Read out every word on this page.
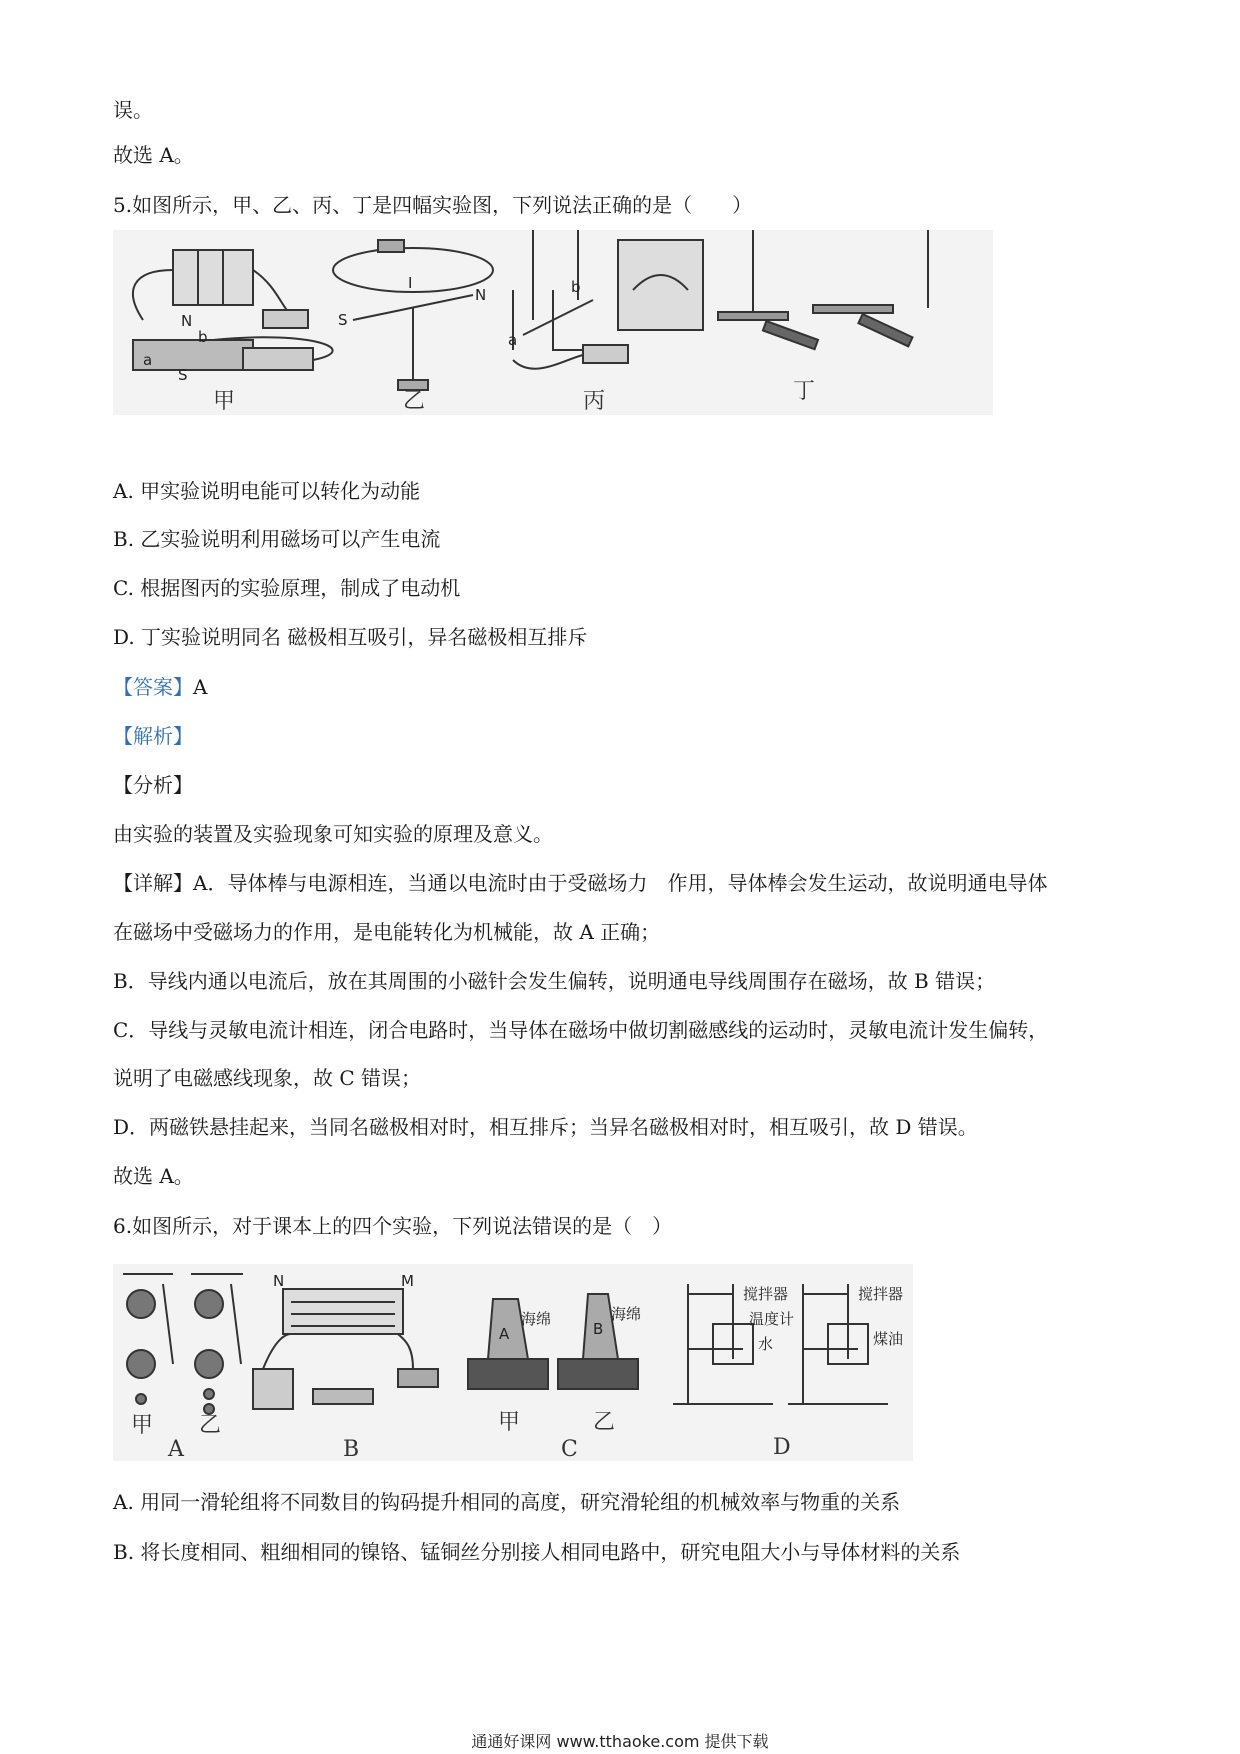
误。
故选 A。
5.如图所示，甲、乙、丙、丁是四幅实验图，下列说法正确的是（　　）
N
b
a
S
I
N
S
b
a
甲	乙	丙	丁
A. 甲实验说明电能可以转化为动能
B. 乙实验说明利用磁场可以产生电流
C. 根据图丙的实验原理，制成了电动机
D. 丁实验说明同名 磁极相互吸引，异名磁极相互排斥
【答案】A
【解析】
【分析】
由实验的装置及实验现象可知实验的原理及意义。
【详解】A．导体棒与电源相连，当通以电流时由于受磁场力　作用，导体棒会发生运动，故说明通电导体
在磁场中受磁场力的作用，是电能转化为机械能，故 A 正确；
B．导线内通以电流后，放在其周围的小磁针会发生偏转，说明通电导线周围存在磁场，故 B 错误；
C．导线与灵敏电流计相连，闭合电路时，当导体在磁场中做切割磁感线的运动时，灵敏电流计发生偏转，
说明了电磁感线现象，故 C 错误；
D．两磁铁悬挂起来，当同名磁极相对时，相互排斥；当异名磁极相对时，相互吸引，故 D 错误。
故选 A。
6.如图所示，对于课本上的四个实验，下列说法错误的是（　）
甲 乙
A
N	M
B
A
海绵
B
海绵
甲	乙
C
搅拌器
温度计
水
搅拌器
煤油
D
A. 用同一滑轮组将不同数目的钩码提升相同的高度，研究滑轮组的机械效率与物重的关系
B. 将长度相同、粗细相同的镍铬、锰铜丝分别接人相同电路中，研究电阻大小与导体材料的关系
通通好课网 www.tthaoke.com 提供下载
